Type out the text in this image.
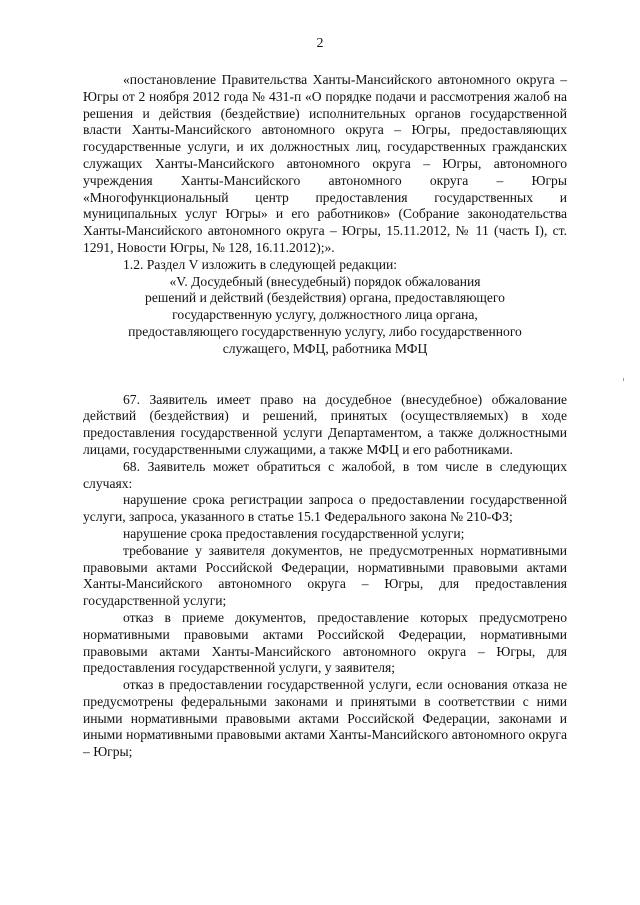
2

«постановление Правительства Ханты-Мансийского автономного округа – Югры от 2 ноября 2012 года № 431-п «О порядке подачи и рассмотрения жалоб на решения и действия (бездействие) исполнительных органов государственной власти Ханты-Мансийского автономного округа – Югры, предоставляющих государственные услуги, и их должностных лиц, государственных гражданских служащих Ханты-Мансийского автономного округа – Югры, автономного учреждения Ханты-Мансийского автономного округа – Югры «Многофункциональный центр предоставления государственных и муниципальных услуг Югры» и его работников» (Собрание законодательства Ханты-Мансийского автономного округа – Югры, 15.11.2012, № 11 (часть I), ст. 1291, Новости Югры, № 128, 16.11.2012);».

1.2. Раздел V изложить в следующей редакции:

«V. Досудебный (внесудебный) порядок обжалования

решений и действий (бездействия) органа, предоставляющего

государственную услугу, должностного лица органа,

предоставляющего государственную услугу, либо государственного

служащего, МФЦ, работника МФЦ

67. Заявитель имеет право на досудебное (внесудебное) обжалование действий (бездействия) и решений, принятых (осуществляемых) в ходе предоставления государственной услуги Департаментом, а также должностными лицами, государственными служащими, а также МФЦ и его работниками.

68. Заявитель может обратиться с жалобой, в том числе в следующих случаях:

нарушение срока регистрации запроса о предоставлении государственной услуги, запроса, указанного в статье 15.1 Федерального закона № 210-ФЗ;

нарушение срока предоставления государственной услуги;

требование у заявителя документов, не предусмотренных нормативными правовыми актами Российской Федерации, нормативными правовыми актами Ханты-Мансийского автономного округа – Югры, для предоставления государственной услуги;

отказ в приеме документов, предоставление которых предусмотрено нормативными правовыми актами Российской Федерации, нормативными правовыми актами Ханты-Мансийского автономного округа – Югры, для предоставления государственной услуги, у заявителя;

отказ в предоставлении государственной услуги, если основания отказа не предусмотрены федеральными законами и принятыми в соответствии с ними иными нормативными правовыми актами Российской Федерации, законами и иными нормативными правовыми актами Ханты-Мансийского автономного округа – Югры;
